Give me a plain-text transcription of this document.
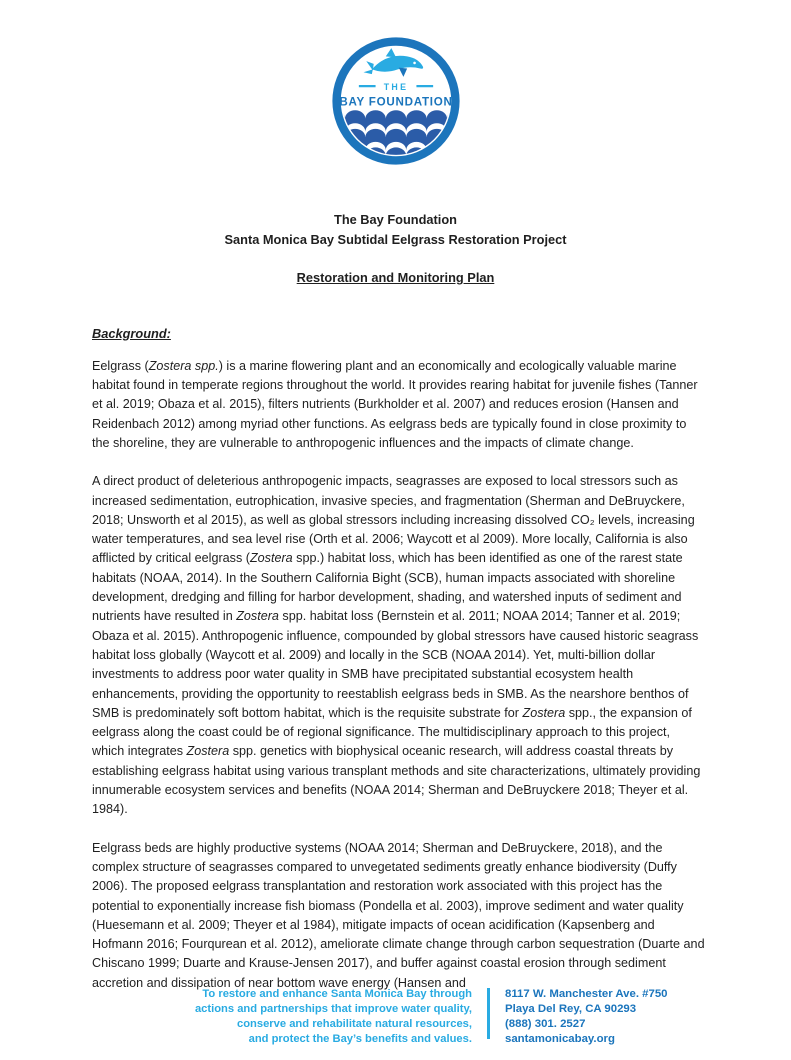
THE
BAY FOUNDATION
The Bay Foundation
Santa Monica Bay Subtidal Eelgrass Restoration Project
Restoration and Monitoring Plan
Background:

Eelgrass (Zostera spp.) is a marine flowering plant and an economically and ecologically valuable marine habitat found in temperate regions throughout the world. It provides rearing habitat for juvenile fishes (Tanner et al. 2019; Obaza et al. 2015), filters nutrients (Burkholder et al. 2007) and reduces erosion (Hansen and Reidenbach 2012) among myriad other functions. As eelgrass beds are typically found in close proximity to the shoreline, they are vulnerable to anthropogenic influences and the impacts of climate change.

A direct product of deleterious anthropogenic impacts, seagrasses are exposed to local stressors such as increased sedimentation, eutrophication, invasive species, and fragmentation (Sherman and DeBruyckere, 2018; Unsworth et al 2015), as well as global stressors including increasing dissolved CO₂ levels, increasing water temperatures, and sea level rise (Orth et al. 2006; Waycott et al 2009). More locally, California is also afflicted by critical eelgrass (Zostera spp.) habitat loss, which has been identified as one of the rarest state habitats (NOAA, 2014). In the Southern California Bight (SCB), human impacts associated with shoreline development, dredging and filling for harbor development, shading, and watershed inputs of sediment and nutrients have resulted in Zostera spp. habitat loss (Bernstein et al. 2011; NOAA 2014; Tanner et al. 2019; Obaza et al. 2015). Anthropogenic influence, compounded by global stressors have caused historic seagrass habitat loss globally (Waycott et al. 2009) and locally in the SCB (NOAA 2014). Yet, multi-billion dollar investments to address poor water quality in SMB have precipitated substantial ecosystem health enhancements, providing the opportunity to reestablish eelgrass beds in SMB. As the nearshore benthos of SMB is predominately soft bottom habitat, which is the requisite substrate for Zostera spp., the expansion of eelgrass along the coast could be of regional significance. The multidisciplinary approach to this project, which integrates Zostera spp. genetics with biophysical oceanic research, will address coastal threats by establishing eelgrass habitat using various transplant methods and site characterizations, ultimately providing innumerable ecosystem services and benefits (NOAA 2014; Sherman and DeBruyckere 2018; Theyer et al. 1984).

Eelgrass beds are highly productive systems (NOAA 2014; Sherman and DeBruyckere, 2018), and the complex structure of seagrasses compared to unvegetated sediments greatly enhance biodiversity (Duffy 2006). The proposed eelgrass transplantation and restoration work associated with this project has the potential to exponentially increase fish biomass (Pondella et al. 2003), improve sediment and water quality (Huesemann et al. 2009; Theyer et al 1984), mitigate impacts of ocean acidification (Kapsenberg and Hofmann 2016; Fourqurean et al. 2012), ameliorate climate change through carbon sequestration (Duarte and Chiscano 1999; Duarte and Krause-Jensen 2017), and buffer against coastal erosion through sediment accretion and dissipation of near bottom wave energy (Hansen and

To restore and enhance Santa Monica Bay through
actions and partnerships that improve water quality,
conserve and rehabilitate natural resources,
and protect the Bay’s benefits and values.
8117 W. Manchester Ave. #750
Playa Del Rey, CA 90293
(888) 301. 2527
santamonicabay.org
